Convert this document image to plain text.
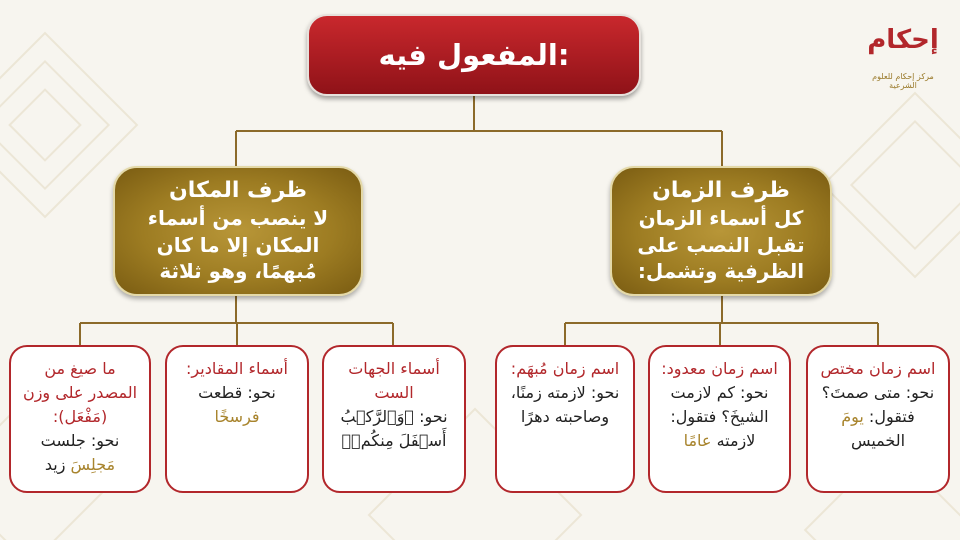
إحكام
مركز إحكام للعلوم الشرعية
المفعول فيه:
ظرف المكان
لا ينصب من أسماء المكان إلا ما كان مُبهمًا، وهو ثلاثة
ظرف الزمان
كل أسماء الزمان تقبل النصب على الظرفية وتشمل:
ما صيغ من المصدر على وزن (مَفْعَل):
نحو: جلست مَجلِسَ زيد
أسماء المقادير:
نحو: قطعت
فرسخًا
أسماء الجهات الست
نحو: ﴿وَٱلرَّكۡبُ أَسۡفَلَ مِنكُمۡ﴾
اسم زمان مُبهَم:
نحو: لازمته زمنًا، وصاحبته دهرًا
اسم زمان معدود:
نحو: كم لازمت الشيخَ؟ فتقول: لازمته عامًا
اسم زمان مختص
نحو: متى صمتَ؟ فتقول: يومَ الخميس
